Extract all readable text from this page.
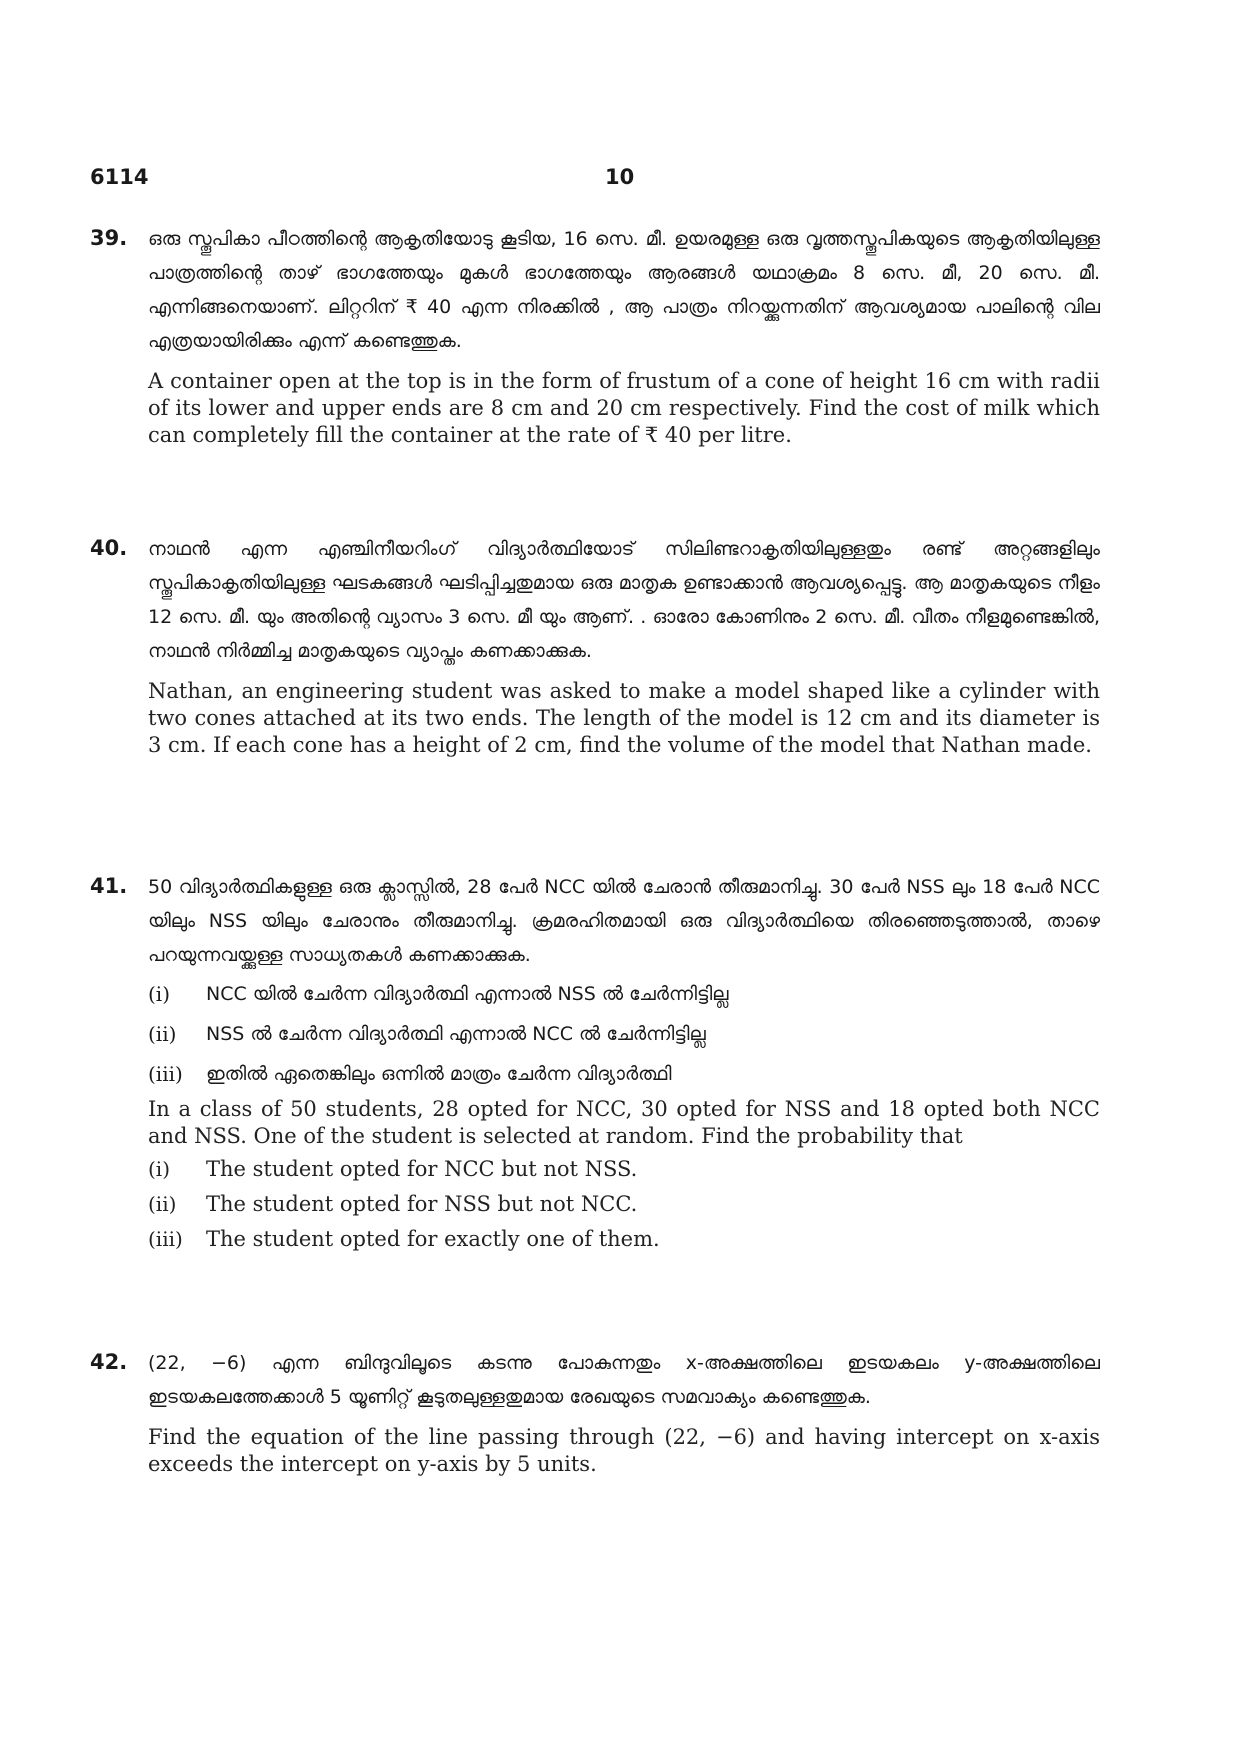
6114	10
39. ഒരു സ്തൂപികാ പീഠത്തിന്റെ ആകൃതിയോടു കൂടിയ, 16 സെ. മീ. ഉയരമുള്ള ഒരു വൃത്തസ്തൂപികയുടെ ആകൃതിയിലുള്ള പാത്രത്തിന്റെ താഴ് ഭാഗത്തേയും മുകൾ ഭാഗത്തേയും ആരങ്ങൾ യഥാക്രമം 8 സെ. മീ, 20 സെ. മീ. എന്നിങ്ങനെയാണ്. ലിറ്ററിന് ₹ 40 എന്ന നിരക്കിൽ , ആ പാത്രം നിറയ്ക്കുന്നതിന് ആവശ്യമായ പാലിന്റെ വില എത്രയായിരിക്കും എന്ന് കണ്ടെത്തുക.

A container open at the top is in the form of frustum of a cone of height 16 cm with radii of its lower and upper ends are 8 cm and 20 cm respectively. Find the cost of milk which can completely fill the container at the rate of ₹ 40 per litre.

40. നാഥൻ എന്ന എഞ്ചിനീയറിംഗ് വിദ്യാർത്ഥിയോട് സിലിണ്ടറാകൃതിയിലുള്ളതും രണ്ട് അറ്റങ്ങളിലും സ്തൂപികാകൃതിയിലുള്ള ഘടകങ്ങൾ ഘടിപ്പിച്ചതുമായ ഒരു മാതൃക ഉണ്ടാക്കാൻ ആവശ്യപ്പെട്ടു. ആ മാതൃകയുടെ നീളം 12 സെ. മീ. യും അതിന്റെ വ്യാസം 3 സെ. മീ യും ആണ്. . ഓരോ കോണിനും 2 സെ. മീ. വീതം നീളമുണ്ടെങ്കിൽ, നാഥൻ നിർമ്മിച്ച മാതൃകയുടെ വ്യാപ്തം കണക്കാക്കുക.

Nathan, an engineering student was asked to make a model shaped like a cylinder with two cones attached at its two ends. The length of the model is 12 cm and its diameter is 3 cm. If each cone has a height of 2 cm, find the volume of the model that Nathan made.

41. 50 വിദ്യാർത്ഥികളുള്ള ഒരു ക്ലാസ്സിൽ, 28 പേർ NCC യിൽ ചേരാൻ തീരുമാനിച്ചു. 30 പേർ NSS ലും 18 പേർ NCC യിലും NSS യിലും ചേരാനും തീരുമാനിച്ചു. ക്രമരഹിതമായി ഒരു വിദ്യാർത്ഥിയെ തിരഞ്ഞെടുത്താൽ, താഴെ പറയുന്നവയ്ക്കുള്ള സാധ്യതകൾ കണക്കാക്കുക.

(i)	NCC യിൽ ചേർന്ന വിദ്യാർത്ഥി എന്നാൽ NSS ൽ ചേർന്നിട്ടില്ല
(ii)	NSS ൽ ചേർന്ന വിദ്യാർത്ഥി എന്നാൽ NCC ൽ ചേർന്നിട്ടില്ല
(iii)	ഇതിൽ ഏതെങ്കിലും ഒന്നിൽ മാത്രം ചേർന്ന വിദ്യാർത്ഥി

In a class of 50 students, 28 opted for NCC, 30 opted for NSS and 18 opted both NCC and NSS. One of the student is selected at random. Find the probability that

(i)	The student opted for NCC but not NSS.
(ii)	The student opted for NSS but not NCC.
(iii)	The student opted for exactly one of them.
42. (22, −6) എന്ന ബിന്ദുവിലൂടെ കടന്നു പോകുന്നതും x-അക്ഷത്തിലെ ഇടയകലം y-അക്ഷത്തിലെ ഇടയകലത്തേക്കാൾ 5 യൂണിറ്റ് കൂടുതലുള്ളതുമായ രേഖയുടെ സമവാക്യം കണ്ടെത്തുക.

Find the equation of the line passing through (22, −6) and having intercept on x-axis exceeds the intercept on y-axis by 5 units.
